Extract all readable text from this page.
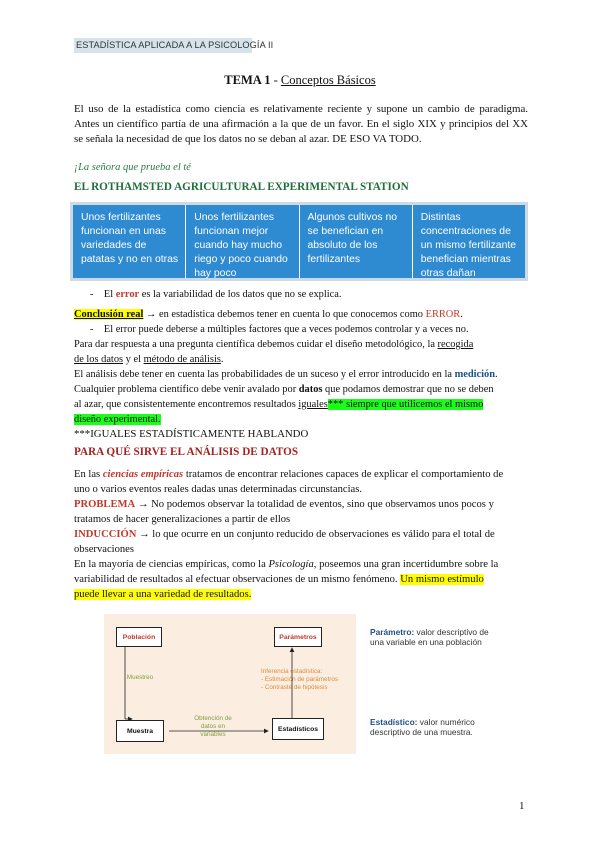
ESTADÍSTICA APLICADA A LA PSICOLOGÍA II
TEMA 1 - Conceptos Básicos
El uso de la estadística como ciencia es relativamente reciente y supone un cambio de paradigma.
Antes un científico partía de una afirmación a la que de un favor. En el siglo XIX y principios del XX
se señala la necesidad de que los datos no se deban al azar. DE ESO VA TODO.
¡La señora que prueba el té
EL ROTHAMSTED AGRICULTURAL EXPERIMENTAL STATION
Unos fertilizantes funcionan en unas variedades de patatas y no en otras
Unos fertilizantes funcionan mejor cuando hay mucho riego y poco cuando hay poco
Algunos cultivos no se benefician en absoluto de los fertilizantes
Distintas concentraciones de un mismo fertilizante benefician mientras otras dañan
- El error es la variabilidad de los datos que no se explica.
Conclusión real → en estadística debemos tener en cuenta lo que conocemos como ERROR.
- El error puede deberse a múltiples factores que a veces podemos controlar y a veces no.
Para dar respuesta a una pregunta científica debemos cuidar el diseño metodológico, la recogida
de los datos y el método de análisis.
El análisis debe tener en cuenta las probabilidades de un suceso y el error introducido en la medición.
Cualquier problema científico debe venir avalado por datos que podamos demostrar que no se deben
al azar, que consistentemente encontremos resultados iguales*** siempre que utilicemos el mismo
diseño experimental.
***IGUALES ESTADÍSTICAMENTE HABLANDO
PARA QUÉ SIRVE EL ANÁLISIS DE DATOS
En las ciencias empíricas tratamos de encontrar relaciones capaces de explicar el comportamiento de
uno o varios eventos reales dadas unas determinadas circunstancias.
PROBLEMA → No podemos observar la totalidad de eventos, sino que observamos unos pocos y
tratamos de hacer generalizaciones a partir de ellos
INDUCCIÓN → lo que ocurre en un conjunto reducido de observaciones es válido para el total de
observaciones
En la mayoría de ciencias empíricas, como la Psicología, poseemos una gran incertidumbre sobre la
variabilidad de resultados al efectuar observaciones de un mismo fenómeno. Un mismo estímulo
puede llevar a una variedad de resultados.
Población	Parámetros
Muestra	Estadísticos
Muestreo
Inferencia estadística:
- Estimación de parámetros
- Contraste de hipótesis
Obtención de
datos en
variables
Parámetro: valor descriptivo de
una variable en una población
Estadístico: valor numérico
descriptivo de una muestra.
1
